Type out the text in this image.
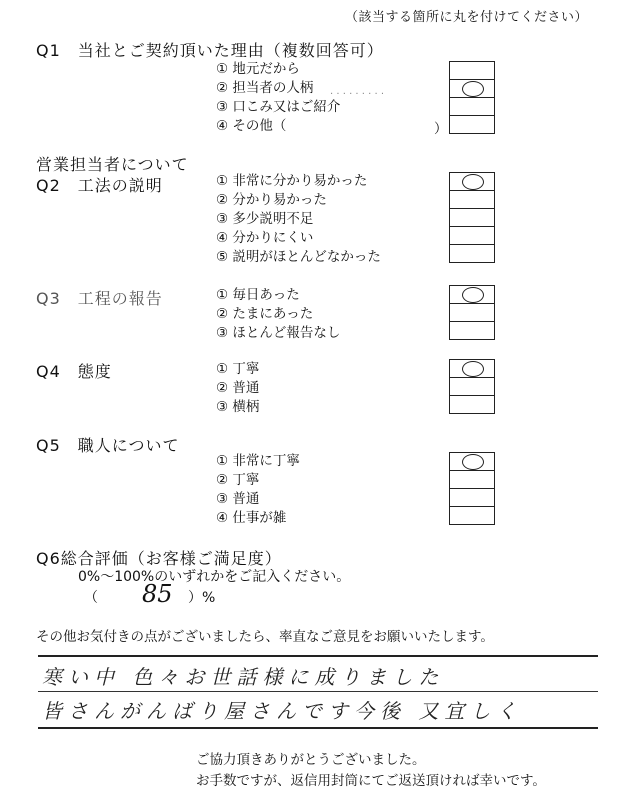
（該当する箇所に丸を付けてください）
Q1　当社とご契約頂いた理由（複数回答可）
① 地元だから
② 担当者の人柄 . . . . . . . . .
③ 口こみ又はご紹介
④ その他（	）
営業担当者について
Q2　工法の説明	① 非常に分かり易かった
② 分かり易かった
③ 多少説明不足
④ 分かりにくい
⑤ 説明がほとんどなかった
Q3　工程の報告	① 毎日あった
② たまにあった
③ ほとんど報告なし
Q4　態度	① 丁寧
② 普通
③ 横柄
Q5　職人について
① 非常に丁寧
② 丁寧
③ 普通
④ 仕事が雑
Q6総合評価（お客様ご満足度）
0%～100%のいずれかをご記入ください。
（ 85 ）%
その他お気付きの点がございましたら、率直なご意見をお願いいたします。
寒い中 色々お世話様に成りました
皆さんがんばり屋さんです今後 又宜しく
ご協力頂きありがとうございました。
お手数ですが、返信用封筒にてご返送頂ければ幸いです。
